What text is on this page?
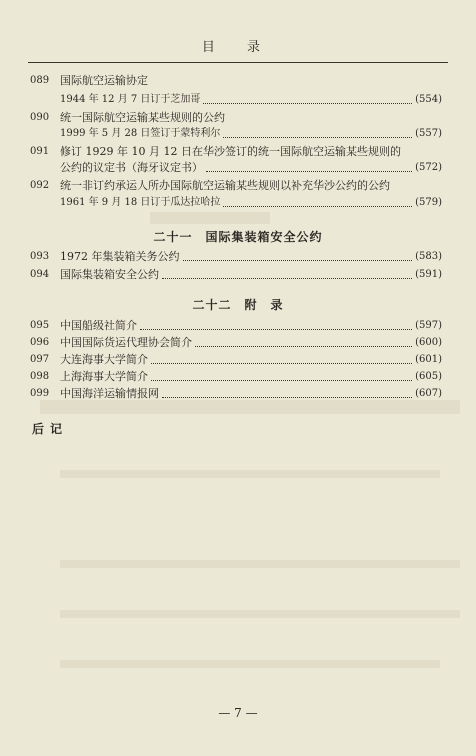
目 录
089 国际航空运输协定
1944 年 12 月 7 日订于芝加哥	(554)
090 统一国际航空运输某些规则的公约
1999 年 5 月 28 日签订于蒙特利尔	(557)
091 修订 1929 年 10 月 12 日在华沙签订的统一国际航空运输某些规则的
公约的议定书（海牙议定书）	(572)
092 统一非订约承运人所办国际航空运输某些规则以补充华沙公约的公约
1961 年 9 月 18 日订于瓜达拉哈拉	(579)
二十一　国际集装箱安全公约
093 1972 年集装箱关务公约	(583)
094 国际集装箱安全公约	(591)
二十二　附　录
095 中国船级社简介	(597)
096 中国国际货运代理协会简介	(600)
097 大连海事大学简介	(601)
098 上海海事大学简介	(605)
099 中国海洋运输情报网	(607)
后记
— 7 —
